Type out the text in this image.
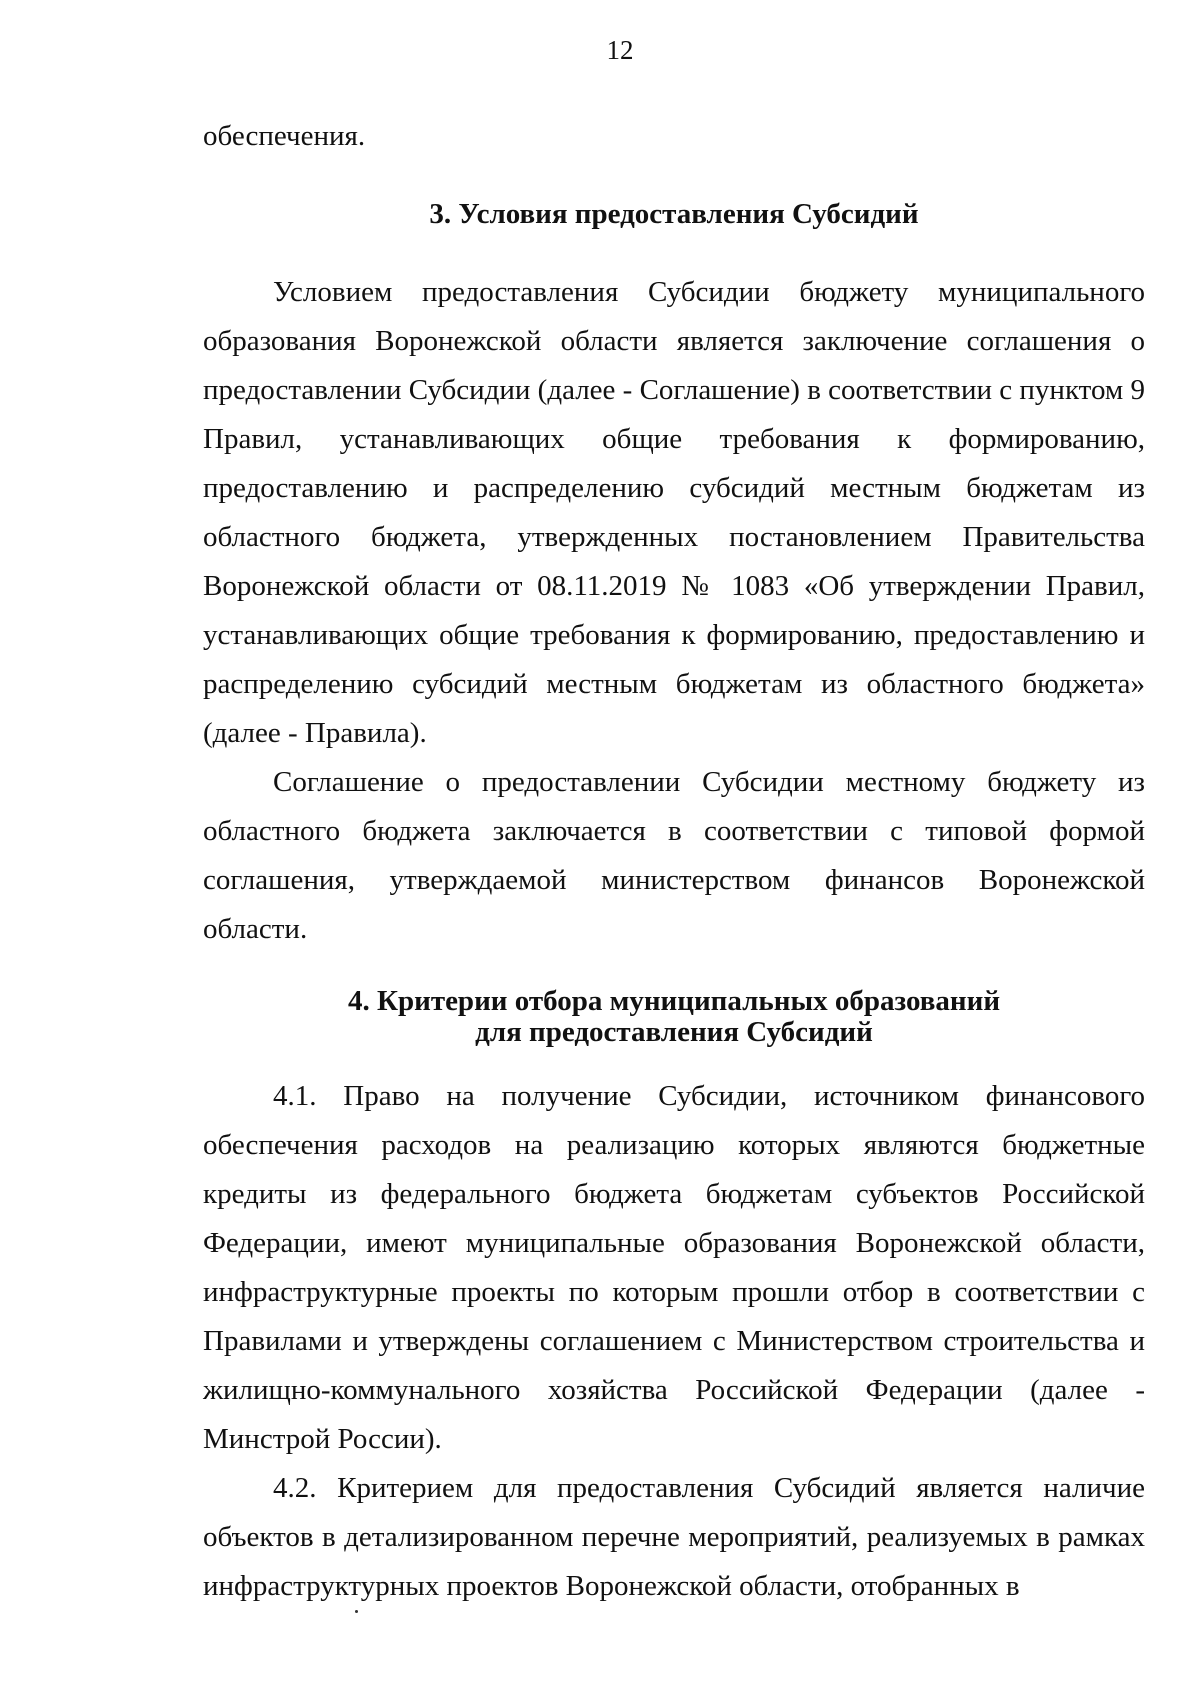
12

обеспечения.

3. Условия предоставления Субсидий

Условием предоставления Субсидии бюджету муниципального образования Воронежской области является заключение соглашения о предоставлении Субсидии (далее - Соглашение) в соответствии с пунктом 9 Правил, устанавливающих общие требования к формированию, предоставлению и распределению субсидий местным бюджетам из областного бюджета, утвержденных постановлением Правительства Воронежской области от 08.11.2019 № 1083 «Об утверждении Правил, устанавливающих общие требования к формированию, предоставлению и распределению субсидий местным бюджетам из областного бюджета» (далее - Правила).

Соглашение о предоставлении Субсидии местному бюджету из областного бюджета заключается в соответствии с типовой формой соглашения, утверждаемой министерством финансов Воронежской области.

4. Критерии отбора муниципальных образований

для предоставления Субсидий

4.1. Право на получение Субсидии, источником финансового обеспечения расходов на реализацию которых являются бюджетные кредиты из федерального бюджета бюджетам субъектов Российской Федерации, имеют муниципальные образования Воронежской области, инфраструктурные проекты по которым прошли отбор в соответствии с Правилами и утверждены соглашением с Министерством строительства и жилищно-коммунального хозяйства Российской Федерации (далее - Минстрой России).

4.2. Критерием для предоставления Субсидий является наличие объектов в детализированном перечне мероприятий, реализуемых в рамках инфраструктурных проектов Воронежской области, отобранных в
